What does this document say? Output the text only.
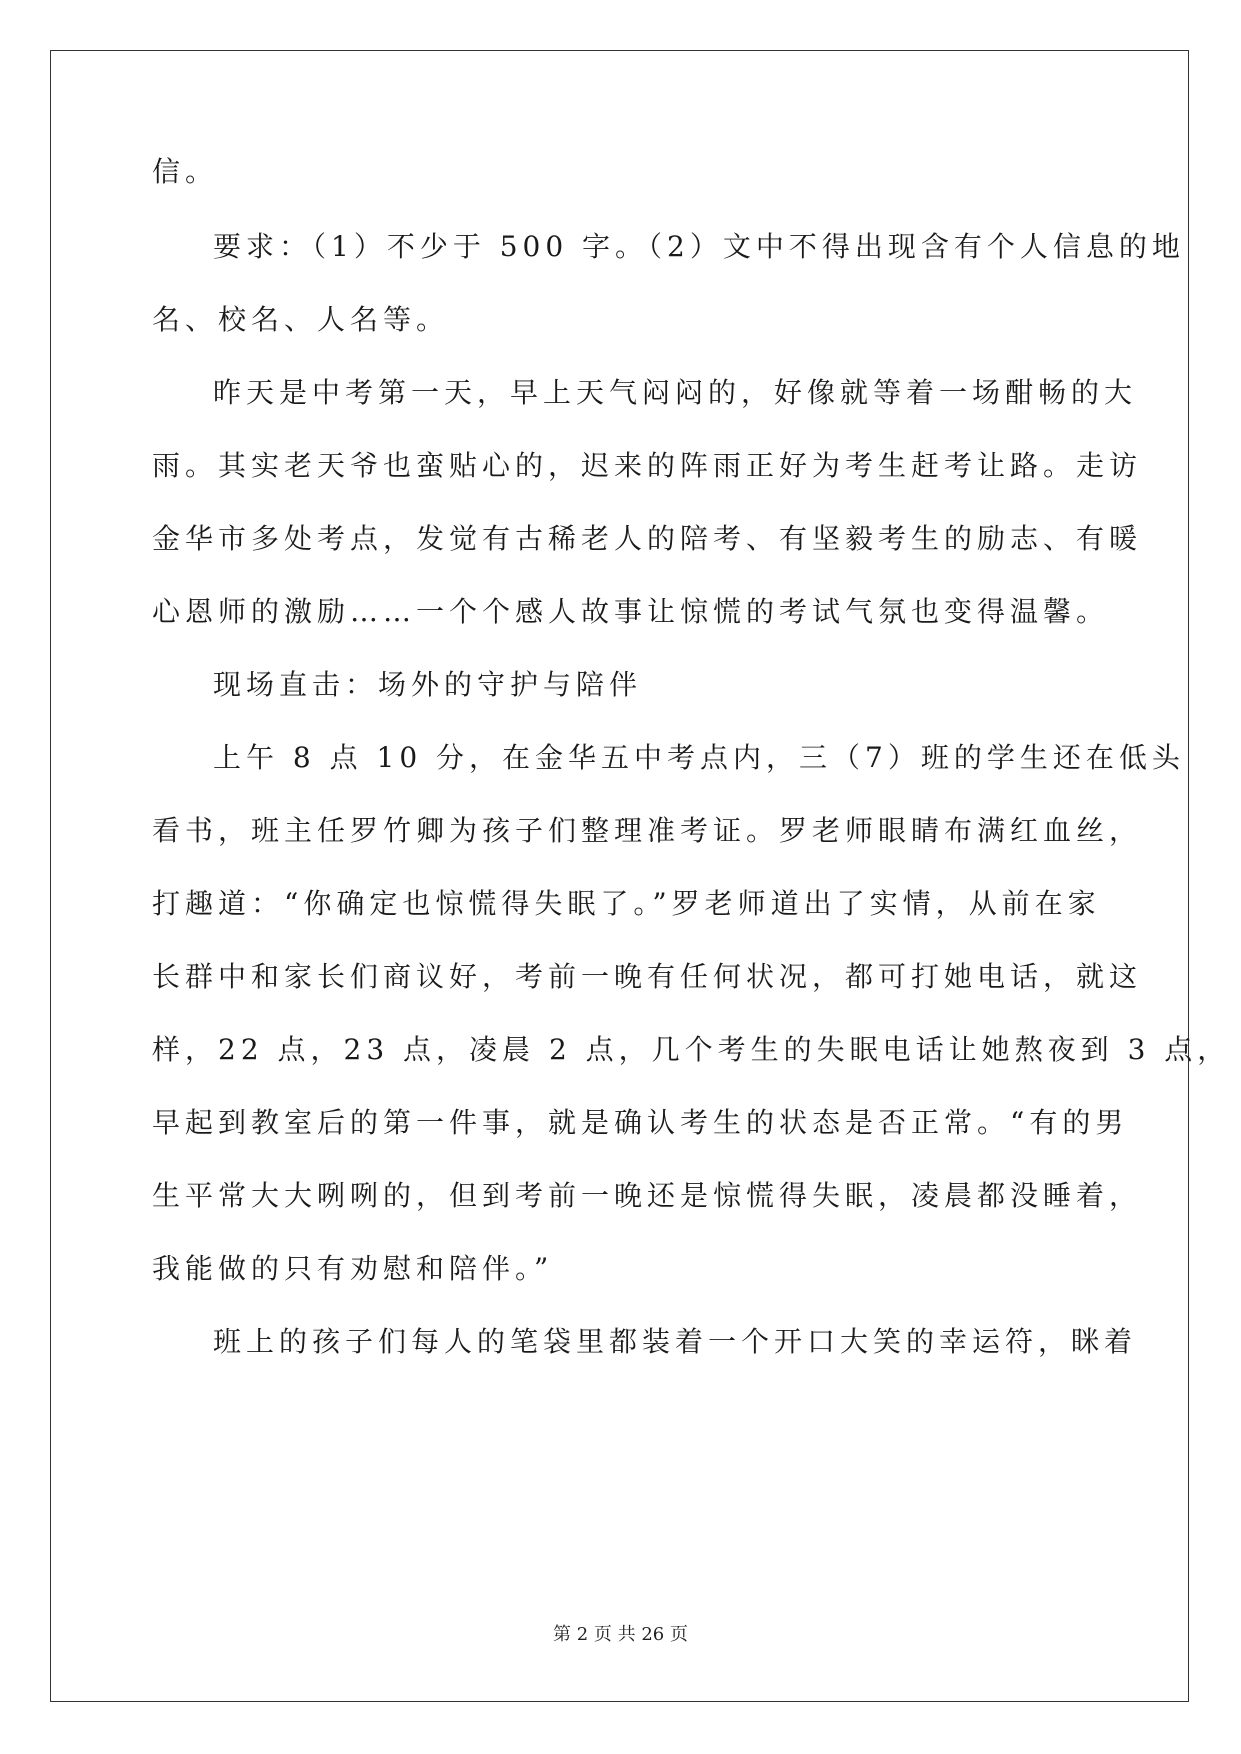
信。
要求：（1）不少于 500 字。（2）文中不得出现含有个人信息的地
名、校名、人名等。
昨天是中考第一天，早上天气闷闷的，好像就等着一场酣畅的大
雨。其实老天爷也蛮贴心的，迟来的阵雨正好为考生赶考让路。走访
金华市多处考点，发觉有古稀老人的陪考、有坚毅考生的励志、有暖
心恩师的激励……一个个感人故事让惊慌的考试气氛也变得温馨。
现场直击：场外的守护与陪伴
上午 8 点 10 分，在金华五中考点内，三（7）班的学生还在低头
看书，班主任罗竹卿为孩子们整理准考证。罗老师眼睛布满红血丝，
打趣道：“你确定也惊慌得失眠了。”罗老师道出了实情，从前在家
长群中和家长们商议好，考前一晚有任何状况，都可打她电话，就这
样，22 点，23 点，凌晨 2 点，几个考生的失眠电话让她熬夜到 3 点，
早起到教室后的第一件事，就是确认考生的状态是否正常。“有的男
生平常大大咧咧的，但到考前一晚还是惊慌得失眠，凌晨都没睡着，
我能做的只有劝慰和陪伴。”
班上的孩子们每人的笔袋里都装着一个开口大笑的幸运符，眯着
第 2 页 共 26 页
